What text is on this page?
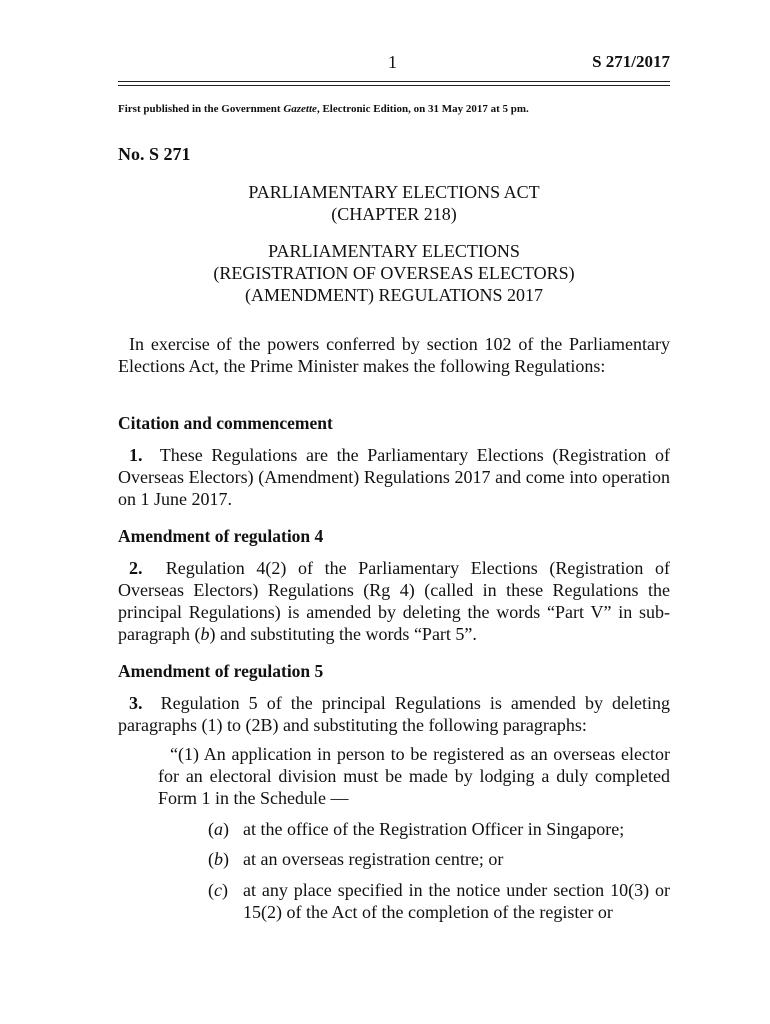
1	S 271/2017
First published in the Government Gazette, Electronic Edition, on 31 May 2017 at 5 pm.
No. S 271
PARLIAMENTARY ELECTIONS ACT
(CHAPTER 218)
PARLIAMENTARY ELECTIONS
(REGISTRATION OF OVERSEAS ELECTORS)
(AMENDMENT) REGULATIONS 2017
In exercise of the powers conferred by section 102 of the Parliamentary Elections Act, the Prime Minister makes the following Regulations:
Citation and commencement
1. These Regulations are the Parliamentary Elections (Registration of Overseas Electors) (Amendment) Regulations 2017 and come into operation on 1 June 2017.
Amendment of regulation 4
2. Regulation 4(2) of the Parliamentary Elections (Registration of Overseas Electors) Regulations (Rg 4) (called in these Regulations the principal Regulations) is amended by deleting the words “Part V” in sub-paragraph (b) and substituting the words “Part 5”.
Amendment of regulation 5
3. Regulation 5 of the principal Regulations is amended by deleting paragraphs (1) to (2B) and substituting the following paragraphs:
“(1) An application in person to be registered as an overseas elector for an electoral division must be made by lodging a duly completed Form 1 in the Schedule —
(a) at the office of the Registration Officer in Singapore;
(b) at an overseas registration centre; or
(c) at any place specified in the notice under section 10(3) or 15(2) of the Act of the completion of the register or
